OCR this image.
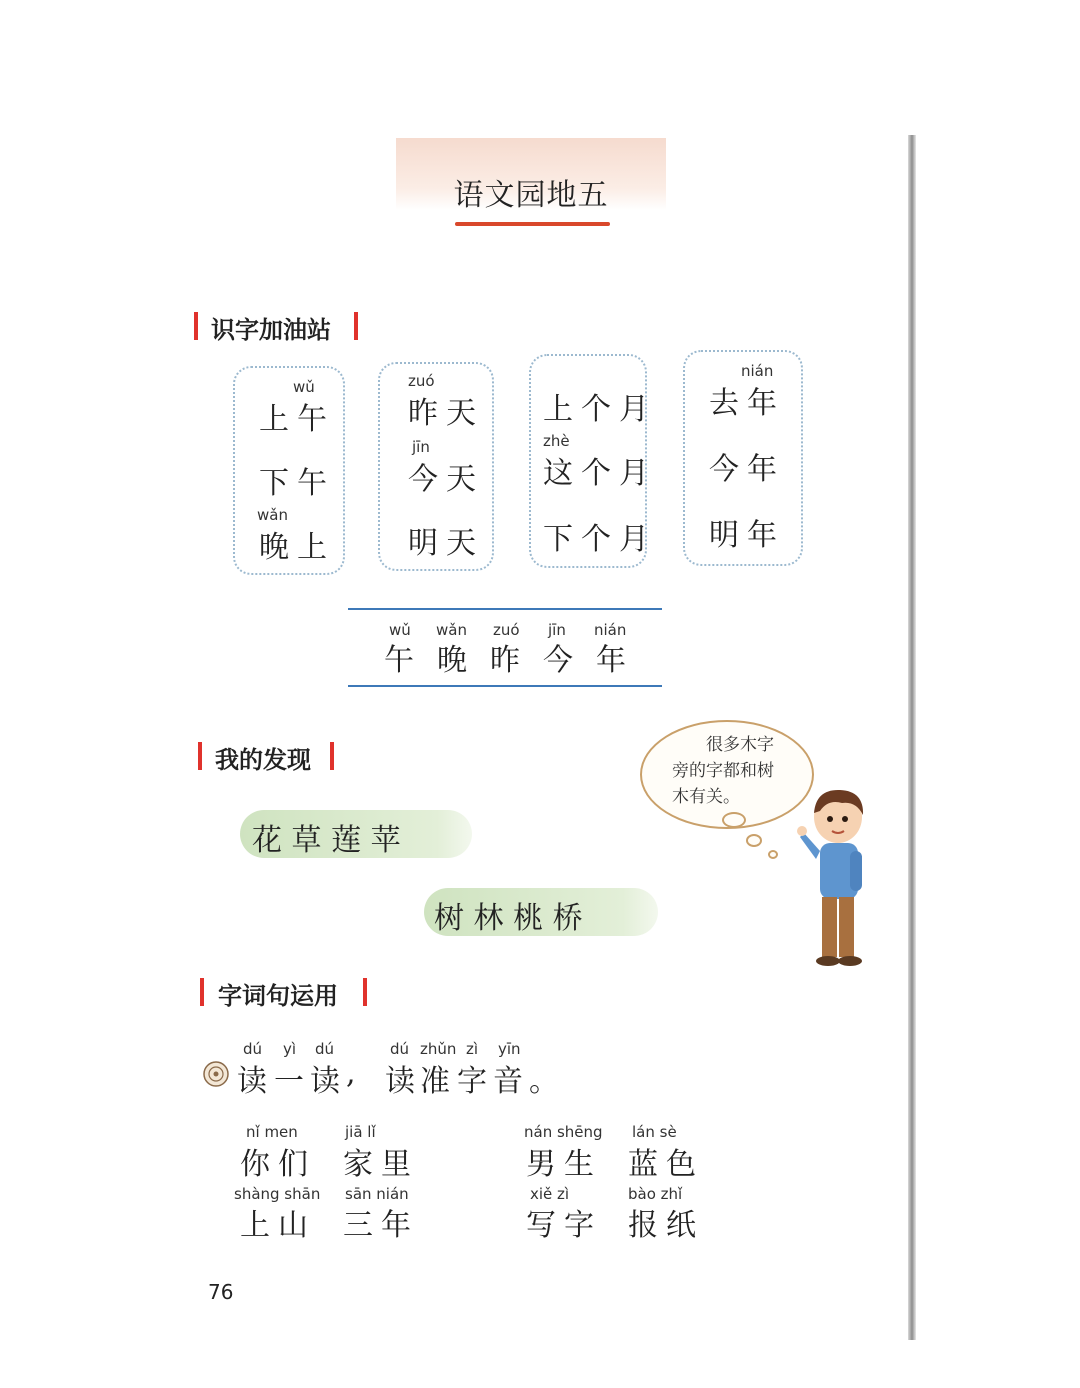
语文园地五
识字加油站
wǔ
上午
下午
wǎn
晚上
zuó
昨天
jīn
今天
明天
上个月
zhè
这个月
下个月
nián
去年
今年
明年
wǔ
午
wǎn
晚
zuó
昨
jīn
今
nián
年
我的发现
花 草 莲 苹
树 林 桃 桥
很多木字
旁的字都和树
木有关。
字词句运用
dú yì dú	dú zhǔn zì yīn
读 一
读
, 读
准 字
音
。
nǐ men
你们
jiā lǐ
家里
nán shēng
男生
lán sè
蓝色
shàng shān
上山
sān nián
三年
xiě zì
写字
bào zhǐ
报纸
76
